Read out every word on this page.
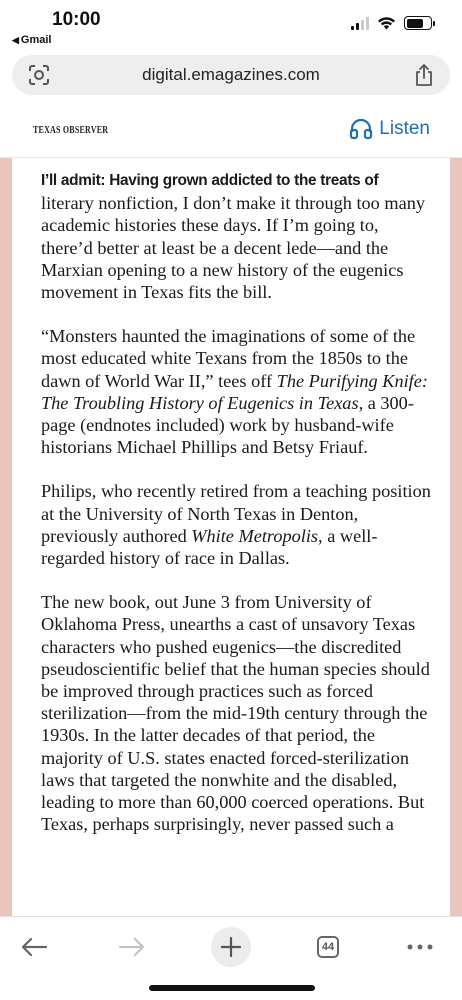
10:00
◀ Gmail
digital.emagazines.com
TEXAS OBSERVER	Listen

I’ll admit: Having grown addicted to the treats of literary nonfiction, I don’t make it through too many academic histories these days. If I’m going to, there’d better at least be a decent lede—and the Marxian opening to a new history of the eugenics movement in Texas fits the bill.

“Monsters haunted the imaginations of some of the most educated white Texans from the 1850s to the dawn of World War II,” tees off The Purifying Knife: The Troubling History of Eugenics in Texas, a 300-page (endnotes included) work by husband-wife historians Michael Phillips and Betsy Friauf.

Philips, who recently retired from a teaching position at the University of North Texas in Denton, previously authored White Metropolis, a well-regarded history of race in Dallas.

The new book, out June 3 from University of Oklahoma Press, unearths a cast of unsavory Texas characters who pushed eugenics—the discredited pseudoscientific belief that the human species should be improved through practices such as forced sterilization—from the mid-19th century through the 1930s. In the latter decades of that period, the majority of U.S. states enacted forced-sterilization laws that targeted the nonwhite and the disabled, leading to more than 60,000 coerced operations. But Texas, perhaps surprisingly, never passed such a

44
